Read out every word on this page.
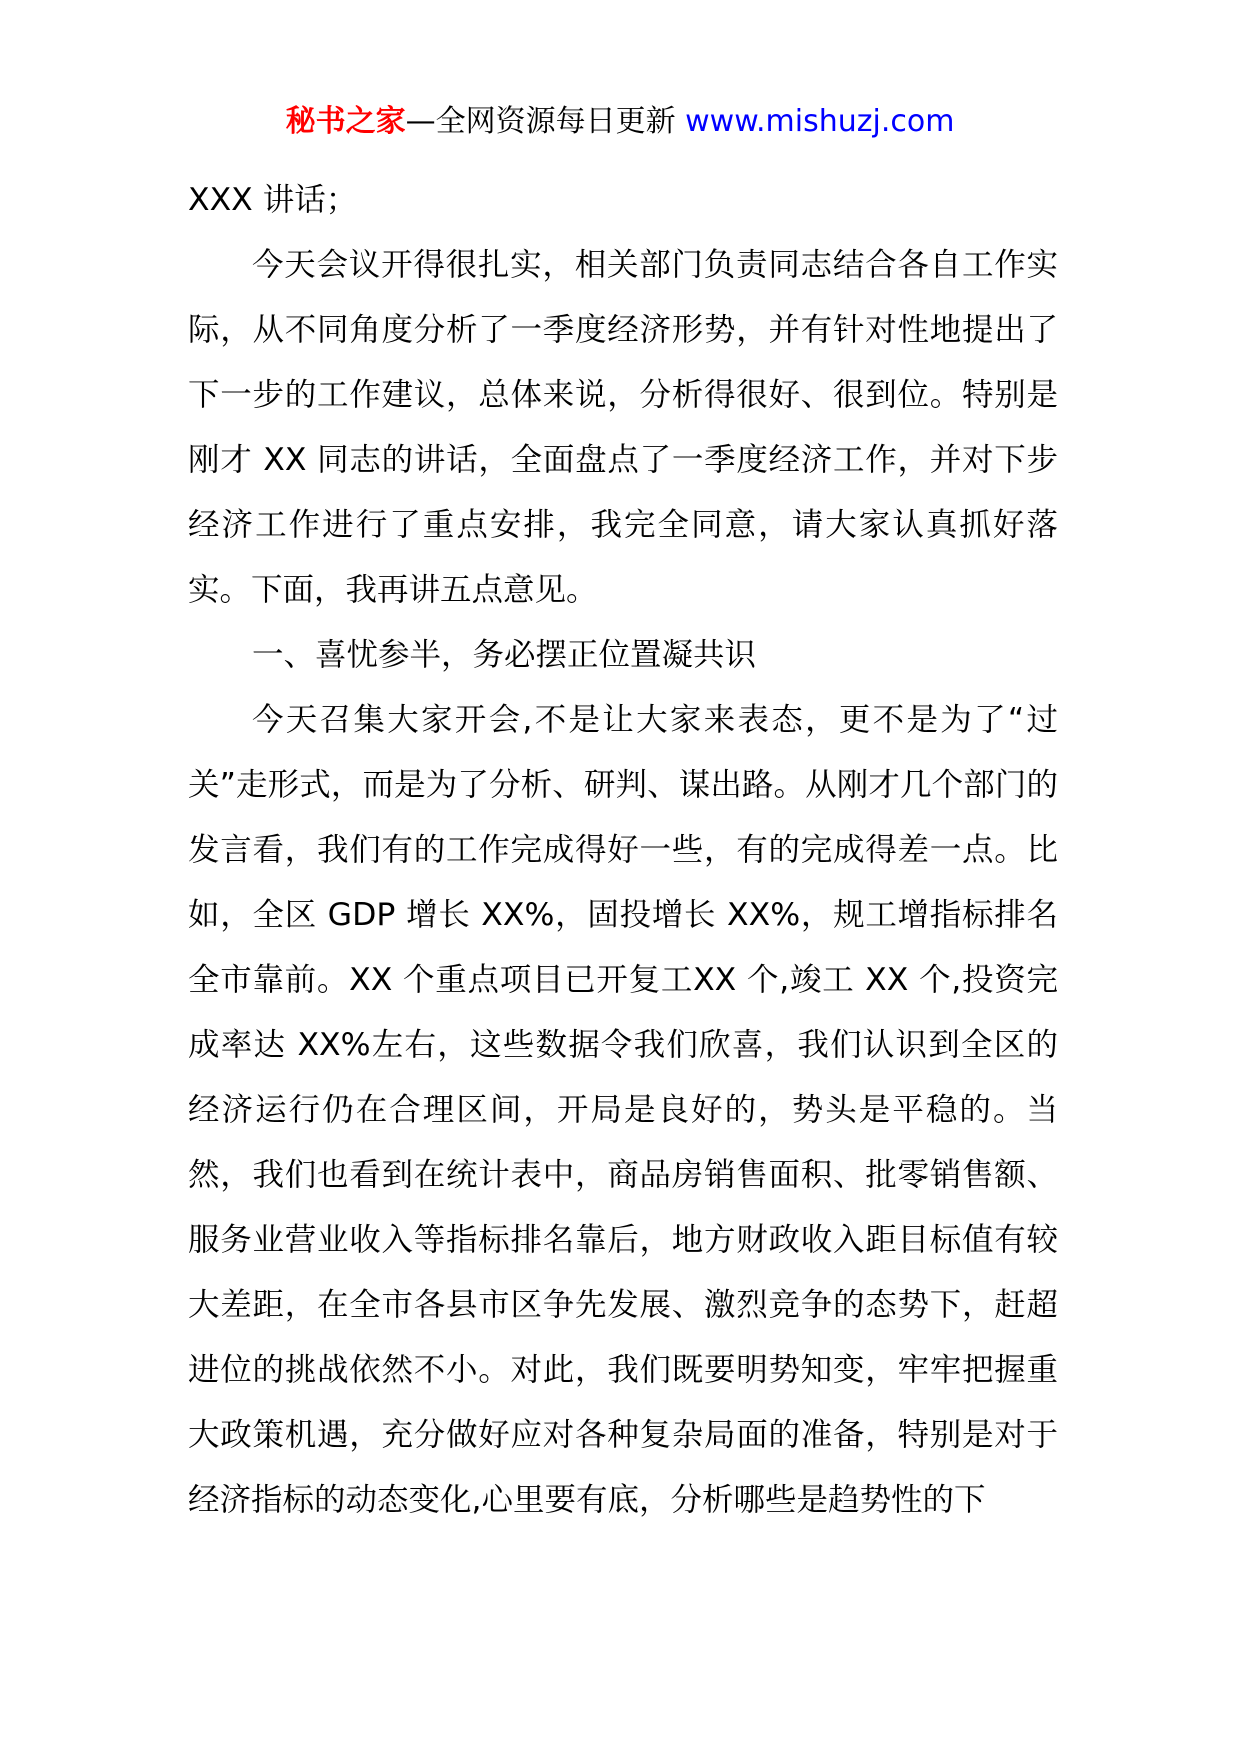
秘书之家—全网资源每日更新 www.mishuzj.com

XXX 讲话；

今天会议开得很扎实，相关部门负责同志结合各自工作实际，从不同角度分析了一季度经济形势，并有针对性地提出了下一步的工作建议，总体来说，分析得很好、很到位。特别是刚才 XX 同志的讲话，全面盘点了一季度经济工作，并对下步经济工作进行了重点安排，我完全同意，请大家认真抓好落实。下面，我再讲五点意见。

一、喜忧参半，务必摆正位置凝共识

今天召集大家开会,不是让大家来表态，更不是为了“过关”走形式，而是为了分析、研判、谋出路。从刚才几个部门的发言看，我们有的工作完成得好一些，有的完成得差一点。比如，全区 GDP 增长 XX%，固投增长 XX%，规工增指标排名全市靠前。XX 个重点项目已开复工XX 个,竣工 XX 个,投资完成率达 XX%左右，这些数据令我们欣喜，我们认识到全区的经济运行仍在合理区间，开局是良好的，势头是平稳的。当然，我们也看到在统计表中，商品房销售面积、批零销售额、服务业营业收入等指标排名靠后，地方财政收入距目标值有较大差距，在全市各县市区争先发展、激烈竞争的态势下，赶超进位的挑战依然不小。对此，我们既要明势知变，牢牢把握重大政策机遇，充分做好应对各种复杂局面的准备，特别是对于经济指标的动态变化,心里要有底，分析哪些是趋势性的下
